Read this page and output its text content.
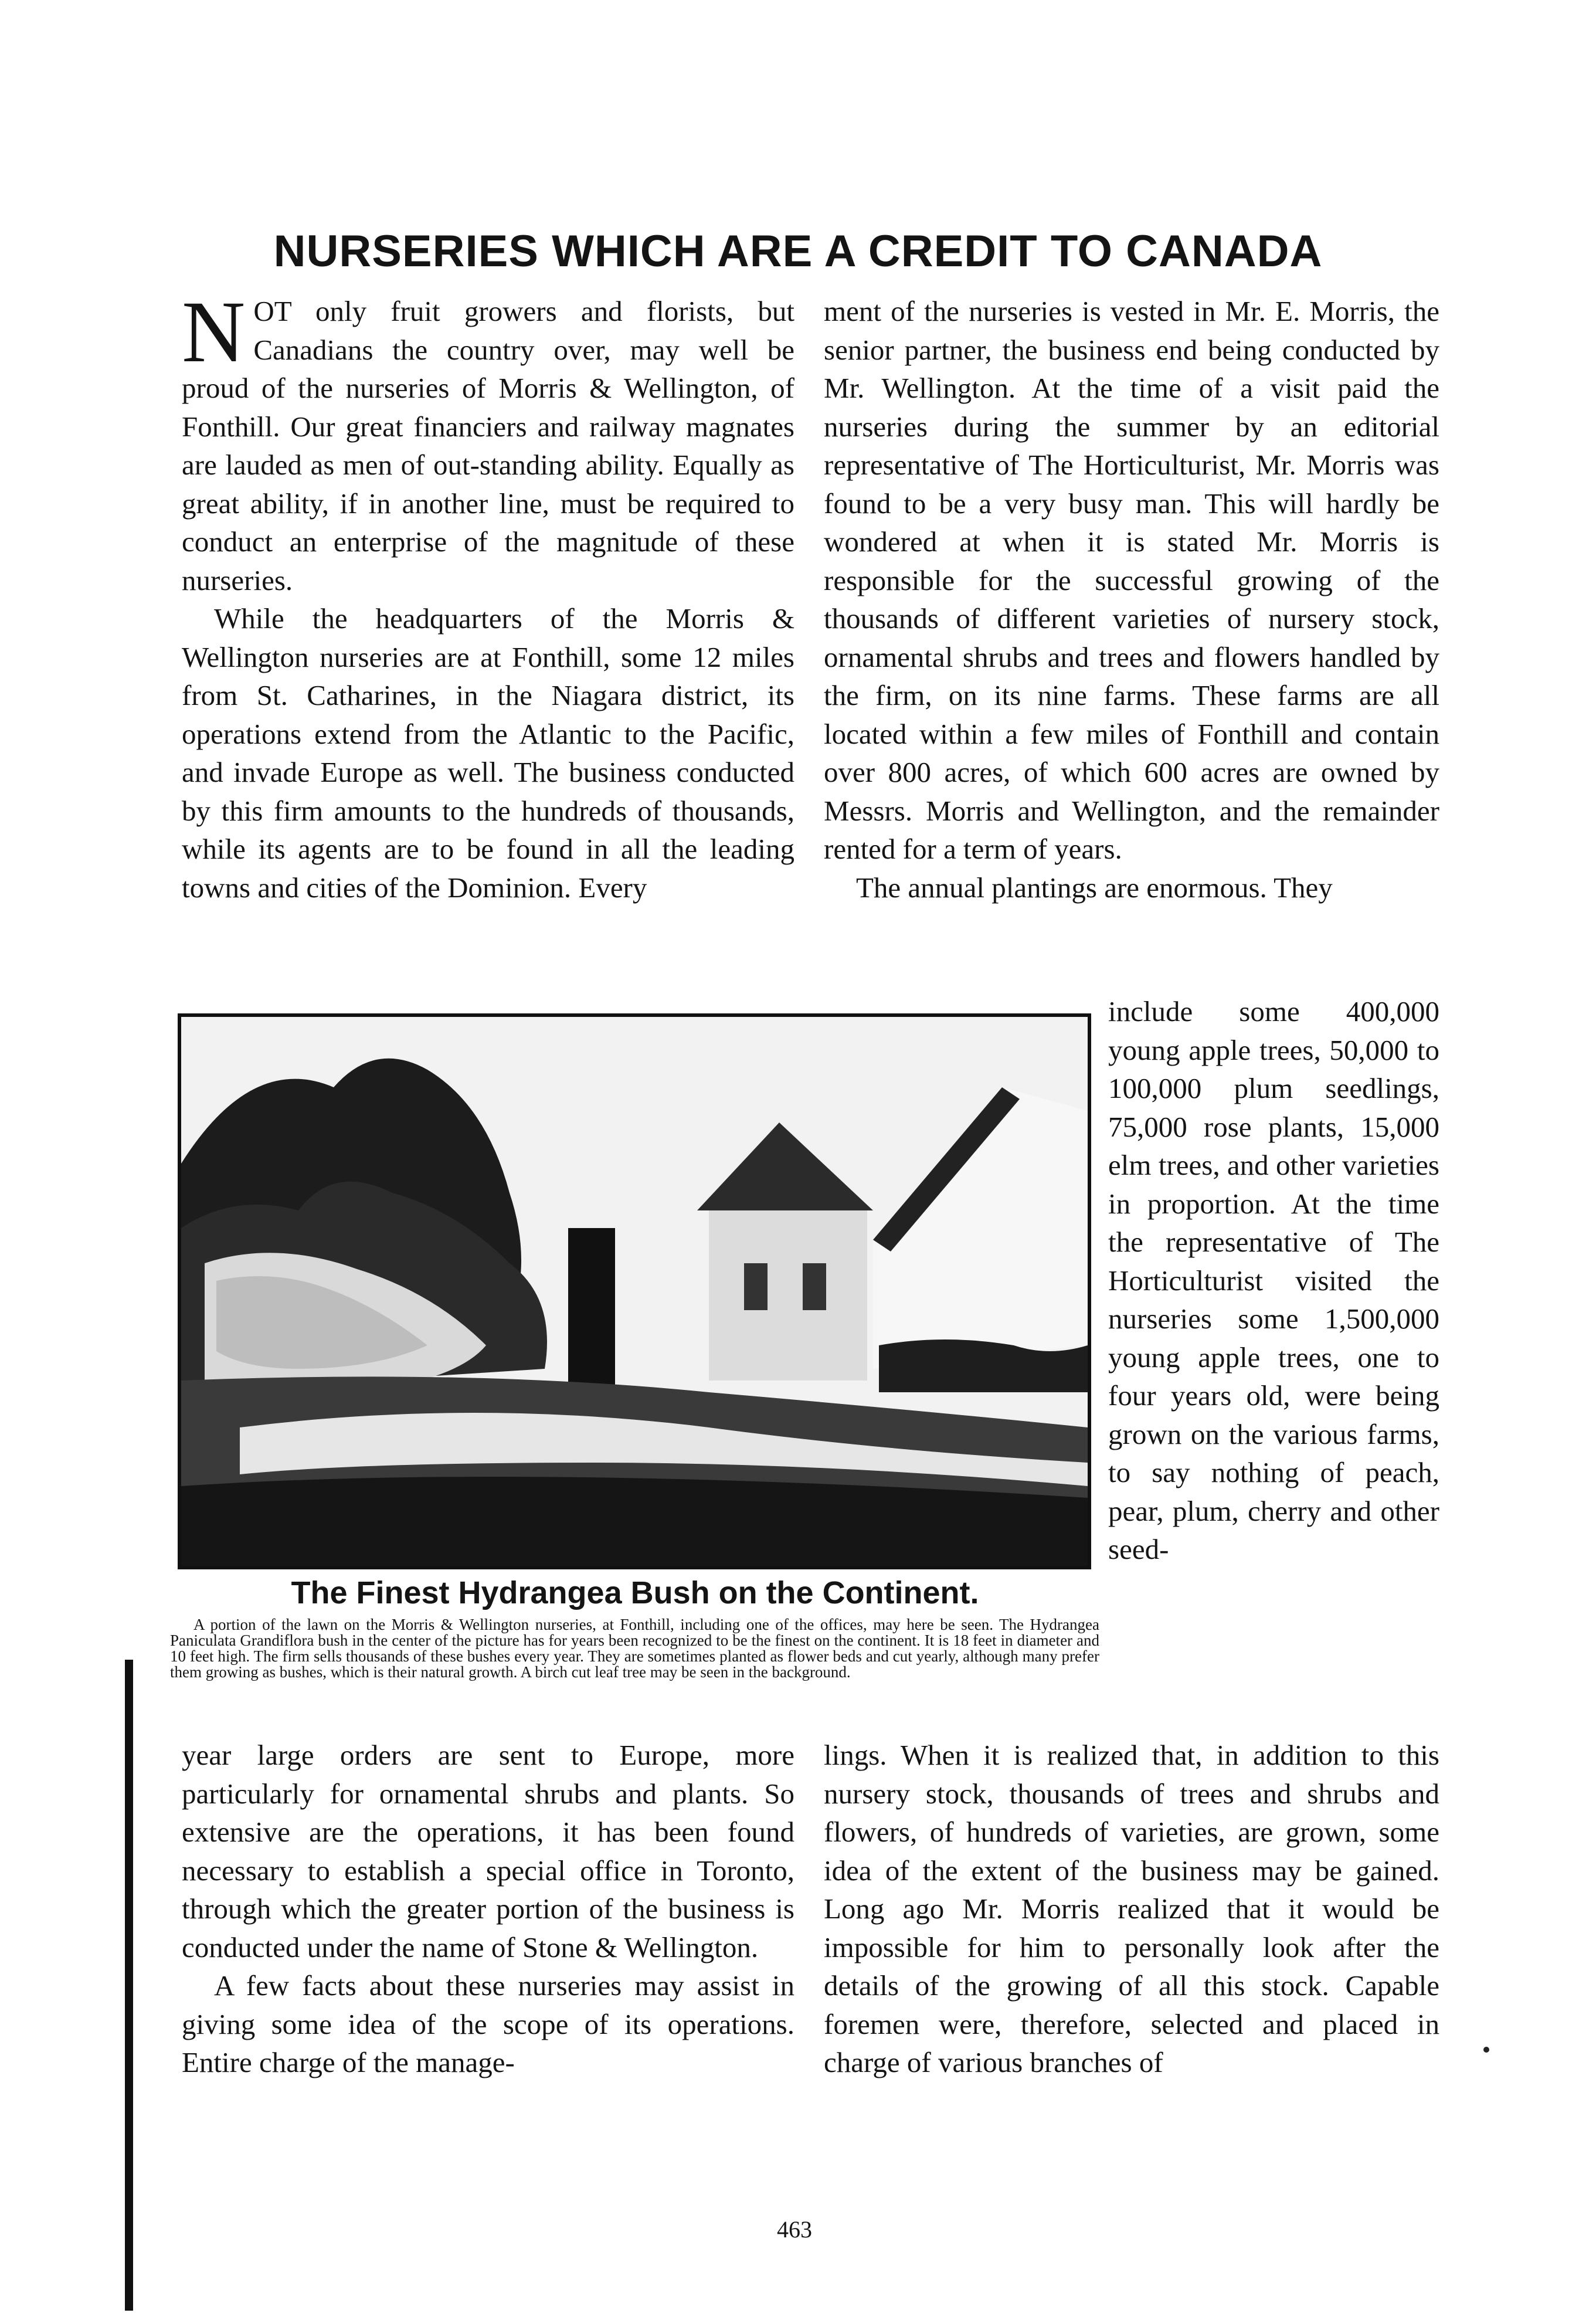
NURSERIES WHICH ARE A CREDIT TO CANADA

NOT only fruit growers and florists, but Canadians the country over, may well be proud of the nurseries of Morris & Wellington, of Fonthill. Our great financiers and railway magnates are lauded as men of out-standing ability. Equally as great ability, if in another line, must be required to conduct an enterprise of the magnitude of these nurseries.

While the headquarters of the Morris & Wellington nurseries are at Fonthill, some 12 miles from St. Catharines, in the Niagara district, its operations extend from the Atlantic to the Pacific, and invade Europe as well. The business conducted by this firm amounts to the hundreds of thousands, while its agents are to be found in all the leading towns and cities of the Dominion. Every

ment of the nurseries is vested in Mr. E. Morris, the senior partner, the business end being conducted by Mr. Wellington. At the time of a visit paid the nurseries during the summer by an editorial representative of The Horticulturist, Mr. Morris was found to be a very busy man. This will hardly be wondered at when it is stated Mr. Morris is responsible for the successful growing of the thousands of different varieties of nursery stock, ornamental shrubs and trees and flowers handled by the firm, on its nine farms. These farms are all located within a few miles of Fonthill and contain over 800 acres, of which 600 acres are owned by Messrs. Morris and Wellington, and the remainder rented for a term of years.

The annual plantings are enormous. They

include some 400,000 young apple trees, 50,000 to 100,000 plum seedlings, 75,000 rose plants, 15,000 elm trees, and other varieties in proportion. At the time the representative of The Horticulturist visited the nurseries some 1,500,000 young apple trees, one to four years old, were being grown on the various farms, to say nothing of peach, pear, plum, cherry and other seed-

The Finest Hydrangea Bush on the Continent.

A portion of the lawn on the Morris & Wellington nurseries, at Fonthill, including one of the offices, may here be seen. The Hydrangea Paniculata Grandiflora bush in the center of the picture has for years been recognized to be the finest on the continent. It is 18 feet in diameter and 10 feet high. The firm sells thousands of these bushes every year. They are sometimes planted as flower beds and cut yearly, although many prefer them growing as bushes, which is their natural growth. A birch cut leaf tree may be seen in the background.

year large orders are sent to Europe, more particularly for ornamental shrubs and plants. So extensive are the operations, it has been found necessary to establish a special office in Toronto, through which the greater portion of the business is conducted under the name of Stone & Wellington.

A few facts about these nurseries may assist in giving some idea of the scope of its operations. Entire charge of the manage-

lings. When it is realized that, in addition to this nursery stock, thousands of trees and shrubs and flowers, of hundreds of varieties, are grown, some idea of the extent of the business may be gained. Long ago Mr. Morris realized that it would be impossible for him to personally look after the details of the growing of all this stock. Capable foremen were, therefore, selected and placed in charge of various branches of

463
